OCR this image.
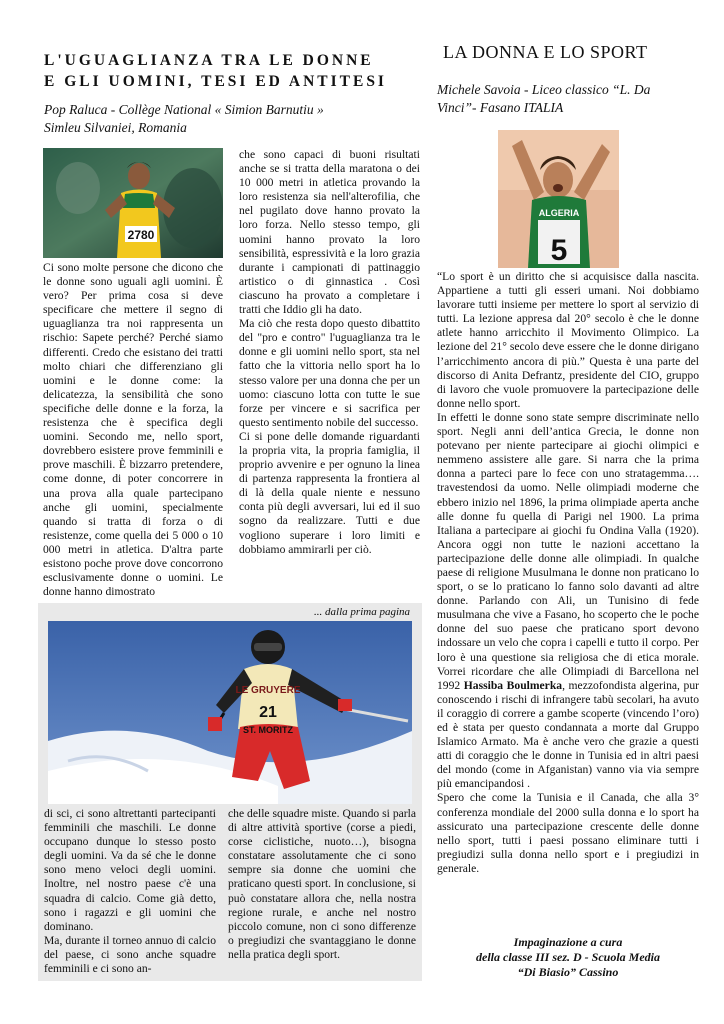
L'UGUAGLIANZA TRA LE DONNE
E GLI UOMINI, TESI ED ANTITESI
Pop Raluca - Collège National « Simion Barnutiu »
Simleu Silvaniei, Romania
LA DONNA E LO SPORT
Michele Savoia - Liceo classico “L. Da
Vinci”- Fasano ITALIA
2780

Ci sono molte persone che dicono che le donne sono uguali agli uomini. È vero? Per prima cosa si deve specificare che mettere il segno di uguaglianza tra noi rappresenta un rischio: Sapete perché? Perché siamo differenti. Credo che esistano dei tratti molto chiari che differenziano gli uomini e le donne come: la delicatezza, la sensibilità che sono specifiche delle donne e la forza, la resistenza che è specifica degli uomini. Secondo me, nello sport, dovrebbero esistere prove femminili e prove maschili. È bizzarro pretendere, come donne, di poter concorrere in una prova alla quale partecipano anche gli uomini, specialmente quando si tratta di forza o di resistenze, come quella dei 5 000 o 10 000 metri in atletica. D'altra parte esistono poche prove dove concorrono esclusivamente donne o uomini. Le donne hanno dimostrato

che sono capaci di buoni risultati anche se si tratta della maratona o dei 10 000 metri in atletica provando la loro resistenza sia nell'alterofilia, che nel pugilato dove hanno provato la loro forza. Nello stesso tempo, gli uomini hanno provato la loro sensibilità, espressività e la loro grazia durante i campionati di pattinaggio artistico o di ginnastica . Così ciascuno ha provato a completare i tratti che Iddio gli ha dato.

Ma ciò che resta dopo questo dibattito del "pro e contro" l'uguaglianza tra le donne e gli uomini nello sport, sta nel fatto che la vittoria nello sport ha lo stesso valore per una donna che per un uomo: ciascuno lotta con tutte le sue forze per vincere e si sacrifica per questo sentimento nobile del successo.

Ci si pone delle domande riguardanti la propria vita, la propria famiglia, il proprio avvenire e per ognuno la linea di partenza rappresenta la frontiera al di là della quale niente e nessuno conta più degli avversari, lui ed il suo sogno da realizzare. Tutti e due vogliono superare i loro limiti e dobbiamo ammirarli per ciò.

... dalla prima pagina
LE GRUYERE
21
ST. MORITZ

di sci, ci sono altrettanti partecipanti femminili che maschili. Le donne occupano dunque lo stesso posto degli uomini. Va da sé che le donne sono meno veloci degli uomini. Inoltre, nel nostro paese c'è una squadra di calcio. Come già detto, sono i ragazzi e gli uomini che dominano.

Ma, durante il torneo annuo di calcio del paese, ci sono anche squadre femminili e ci sono an-

che delle squadre miste. Quando si parla di altre attività sportive (corse a piedi, corse ciclistiche, nuoto…), bisogna constatare assolutamente che ci sono sempre sia donne che uomini che praticano questi sport. In conclusione, si può constatare allora che, nella nostra regione rurale, e anche nel nostro piccolo comune, non ci sono differenze o pregiudizi che svantaggiano le donne nella pratica degli sport.

ALGERIA
5

“Lo sport è un diritto che si acquisisce dalla nascita. Appartiene a tutti gli esseri umani. Noi dobbiamo lavorare tutti insieme per mettere lo sport al servizio di tutti. La lezione appresa dal 20° secolo è che le donne atlete hanno arricchito il Movimento Olimpico. La lezione del 21° secolo deve essere che le donne dirigano l’arricchimento ancora di più.” Questa è una parte del discorso di Anita Defrantz, presidente del CIO, gruppo di lavoro che vuole promuovere la partecipazione delle donne nello sport.

In effetti le donne sono state sempre discriminate nello sport. Negli anni dell’antica Grecia, le donne non potevano per niente partecipare ai giochi olimpici e nemmeno assistere alle gare. Si narra che la prima donna a parteci pare lo fece con uno stratagemma…. travestendosi da uomo. Nelle olimpiadi moderne che ebbero inizio nel 1896, la prima olimpiade aperta anche alle donne fu quella di Parigi nel 1900. La prima Italiana a partecipare ai giochi fu Ondina Valla (1920). Ancora oggi non tutte le nazioni accettano la partecipazione delle donne alle olimpiadi. In qualche paese di religione Musulmana le donne non praticano lo sport, o se lo praticano lo fanno solo davanti ad altre donne. Parlando con Ali, un Tunisino di fede musulmana che vive a Fasano, ho scoperto che le poche donne del suo paese che praticano sport devono indossare un velo che copra i capelli e tutto il corpo. Per loro è una questione sia religiosa che di etica morale. Vorrei ricordare che alle Olimpiadi di Barcellona nel 1992 Hassiba Boulmerka, mezzofondista algerina, pur conoscendo i rischi di infrangere tabù secolari, ha avuto il coraggio di correre a gambe scoperte (vincendo l’oro) ed è stata per questo condannata a morte dal Gruppo Islamico Armato. Ma è anche vero che grazie a questi atti di coraggio che le donne in Tunisia ed in altri paesi del mondo (come in Afganistan) vanno via via sempre più emancipandosi .

Spero che come la Tunisia e il Canada, che alla 3° conferenza mondiale del 2000 sulla donna e lo sport ha assicurato una partecipazione crescente delle donne nello sport, tutti i paesi possano eliminare tutti i pregiudizi sulla donna nello sport e i pregiudizi in generale.

Impaginazione a cura
della classe III sez. D - Scuola Media
“Di Biasio” Cassino
